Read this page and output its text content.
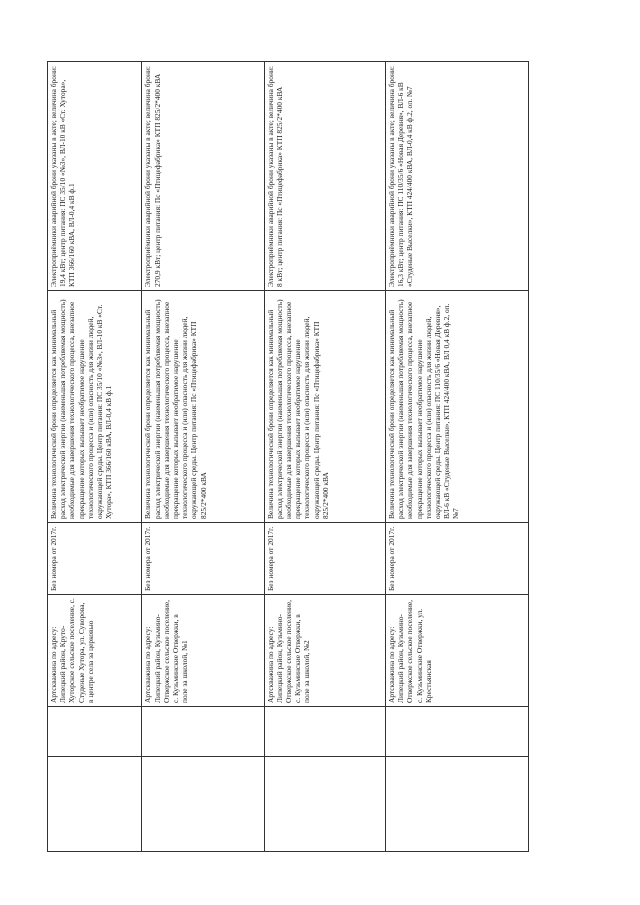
		Артскважина по адресу: Липецкий район, Круто-Хуторское сельское поселение, с. Студеные Хутора, ул. Суворова, в центре села за церковью	Без номера от 2017г.	Величина технологической брони определяется как минимальный расход электрической энергии (наименьшая потребляемая мощность) необходимые для завершения технологического процесса, внезапное прекращение которых вызывает необратимое нарушение технологического процесса и (или) опасность для жизни людей, окружающей среды. Центр питания: ПС 35/10 «№3», ВЛ-10 кВ «Ст. Хутора», КТП 366/160 кВА, ВЛ-0,4 кВ ф.1	Электроприёмники аварийной брони указаны в акте; величина брони: 19,4 кВт; центр питания: ПС 35/10 «№3», ВЛ-10 кВ «Ст. Хутора», КТП 366/160 кВА, ВЛ-0,4 кВ ф.1
		Артскважина по адресу: Липецкий район, Кузьмино-Отвержское сельское поселение, с. Кузьминские Отвержки, в поле за школой, №1	Без номера от 2017г.	Величина технологической брони определяется как минимальный расход электрической энергии (наименьшая потребляемая мощность) необходимые для завершения технологического процесса, внезапное прекращение которых вызывает необратимое нарушение технологического процесса и (или) опасность для жизни людей, окружающей среды. Центр питания: Пс «Птицефабрика» КТП 825/2*400 кВА	Электроприёмники аварийной брони указаны в акте; величина брони: 270,9 кВт; центр питания: Пс «Птицефабрика» КТП 825/2*400 кВА
		Артскважина по адресу: Липецкий район, Кузьмино-Отвержское сельское поселение, с. Кузьминские Отвержки, в поле за школой, №2	Без номера от 2017г.	Величина технологической брони определяется как минимальный расход электрической энергии (наименьшая потребляемая мощность) необходимые для завершения технологического процесса, внезапное прекращение которых вызывает необратимое нарушение технологического процесса и (или) опасность для жизни людей, окружающей среды. Центр питания: Пс «Птицефабрика» КТП 825/2*400 кВА	Электроприёмники аварийной брони указаны в акте; величина брони: 8 кВт; центр питания: Пс «Птицефабрика» КТП 825/2*400 кВА
		Артскважина по адресу: Липецкий район, Кузьмино-Отвержское сельское поселение, с. Кузьминские Отвержки, ул. Крестьянская	Без номера от 2017г.	Величина технологической брони определяется как минимальный расход электрической энергии (наименьшая потребляемая мощность) необходимые для завершения технологического процесса, внезапное прекращение которых вызывает необратимое нарушение технологического процесса и (или) опасность для жизни людей, окружающей среды. Центр питания: ПС 110/35/6 «Новая Деревня», ВЛ-6 кВ «Студеные Выселки», КТП 424/400 кВА, ВЛ 0,4 кВ ф.2, оп. №7	Электроприёмники аварийной брони указаны в акте; величина брони: 16,3 кВт; центр питания: ПС 110/35/6 «Новая Деревня», ВЛ-6 кВ «Студеные Выселки», КТП 424/400 кВА, ВЛ-0,4 кВ ф.2, оп. №7
